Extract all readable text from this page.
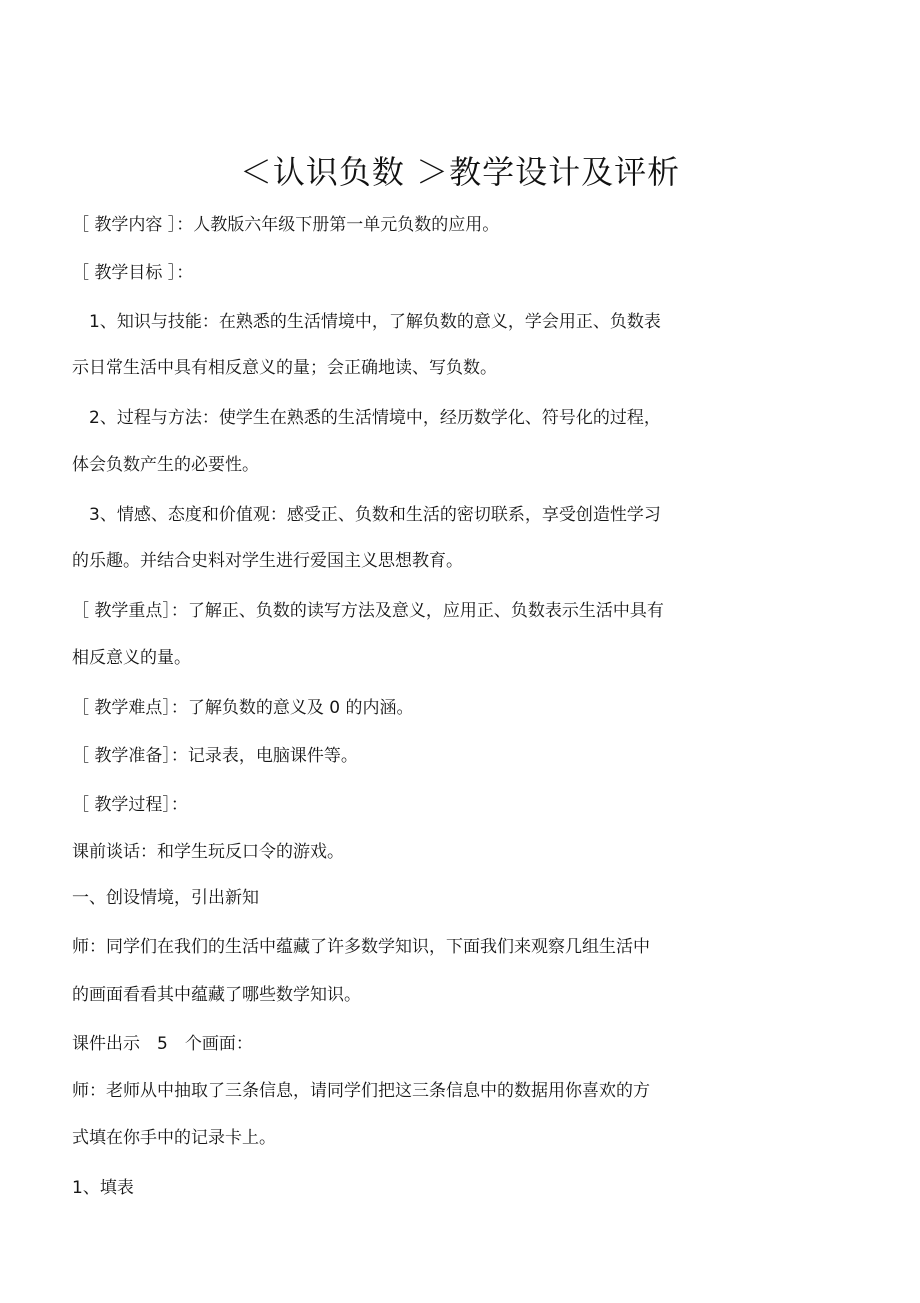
＜认识负数 ＞教学设计及评析
［ 教学内容 ］：人教版六年级下册第一单元负数的应用。
［ 教学目标 ］：
　1、知识与技能：在熟悉的生活情境中，了解负数的意义，学会用正、负数表
示日常生活中具有相反意义的量；会正确地读、写负数。
　2、过程与方法：使学生在熟悉的生活情境中，经历数学化、符号化的过程，
体会负数产生的必要性。
　3、情感、态度和价值观：感受正、负数和生活的密切联系，享受创造性学习
的乐趣。并结合史料对学生进行爱国主义思想教育。
［ 教学重点］：了解正、负数的读写方法及意义，应用正、负数表示生活中具有
相反意义的量。
［ 教学难点］：了解负数的意义及 0 的内涵。
［ 教学准备］：记录表，电脑课件等。
［ 教学过程］：
课前谈话：和学生玩反口令的游戏。
一、创设情境，引出新知
师：同学们在我们的生活中蕴藏了许多数学知识，下面我们来观察几组生活中
的画面看看其中蕴藏了哪些数学知识。
课件出示　5　个画面：
师：老师从中抽取了三条信息，请同学们把这三条信息中的数据用你喜欢的方
式填在你手中的记录卡上。
1、填表
